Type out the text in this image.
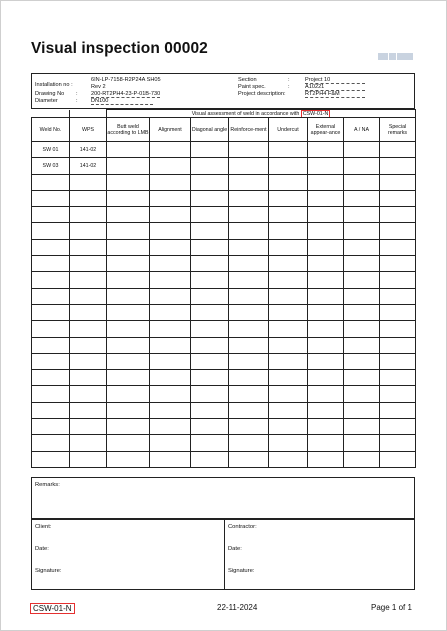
Visual inspection 00002
Installation no :
6IN-LP-7158-R2P24A SH05
Rev 2
Drawing No : 200-RT2PH4-23-P-01B-730
Diameter	: DN100
Section	:	Project 10
Paint spec.	:	A10221
Project description:	RT2PH4 F&M
		Visual assessment of weld in accordance with CSW-01-N							
Weld No.	WPS	Butt weld according to LMB	Alignment	Diagonal angle	Reinforce-ment	Undercut	External appear-ance	A / NA	Special remarks
SW 01	141-02								
SW 03	141-02								

Remarks:
Client:
Date:
Signature:
Contractor:
Date:
Signature:
CSW-01-N	22-11-2024	Page 1 of 1
